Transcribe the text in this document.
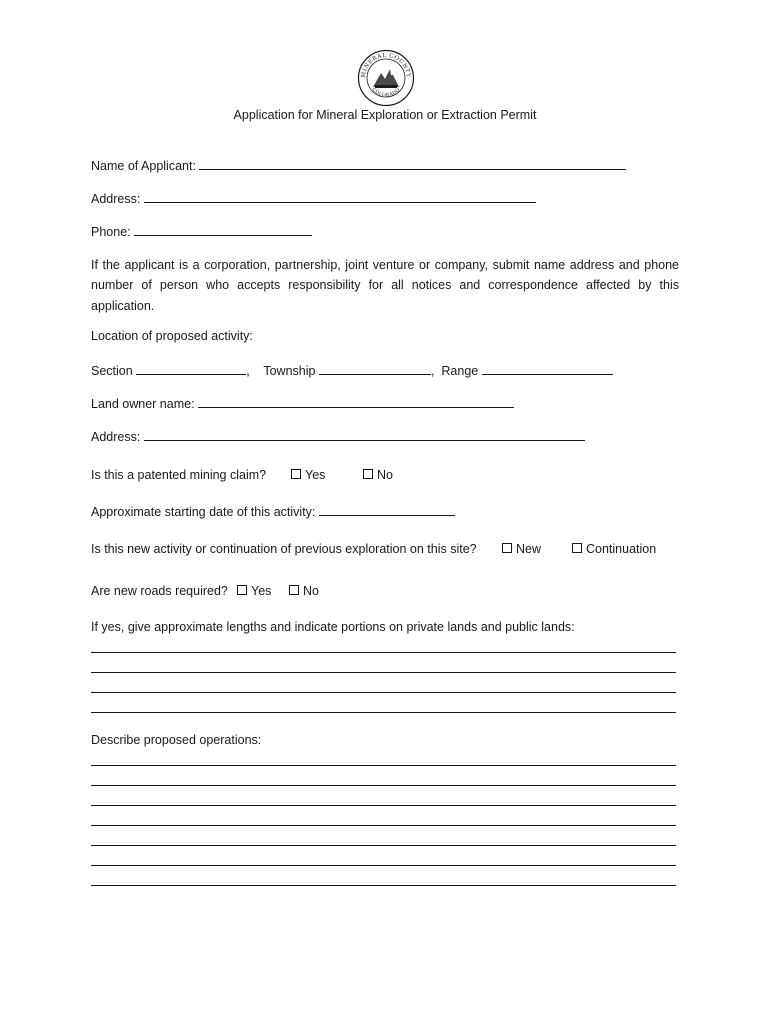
MINERAL COUNTY
COLORADO
Application for Mineral Exploration or Extraction Permit
Name of Applicant:
Address:
Phone:
If the applicant is a corporation, partnership, joint venture or company, submit name address and phone number of person who accepts responsibility for all notices and correspondence affected by this application.
Location of proposed activity:
Section	,    Township	,  Range
Land owner name:
Address:
Is this a patented mining claim?	Yes	No
Approximate starting date of this activity:
Is this new activity or continuation of previous exploration on this site?	New	Continuation
Are new roads required?	Yes	No
If yes, give approximate lengths and indicate portions on private lands and public lands:
Describe proposed operations:
